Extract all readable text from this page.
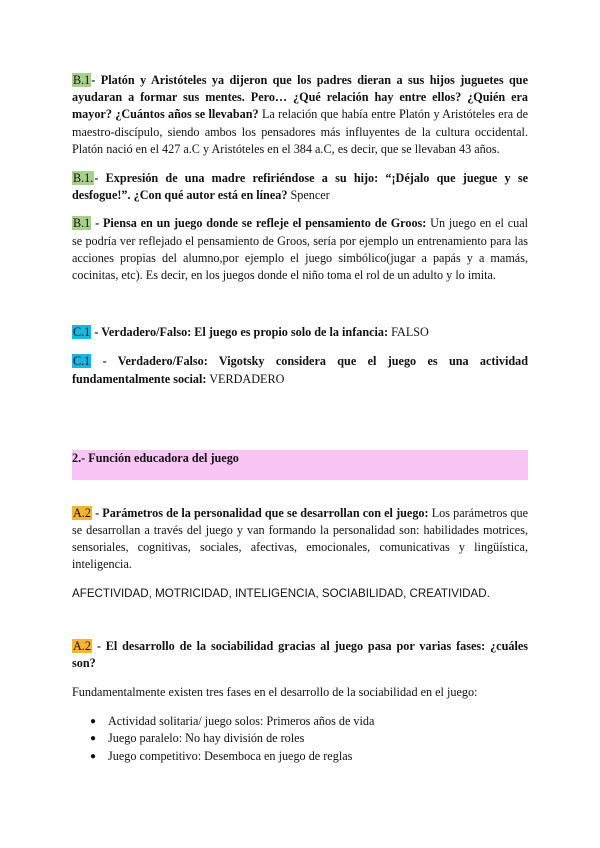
B.1- Platón y Aristóteles ya dijeron que los padres dieran a sus hijos juguetes que ayudaran a formar sus mentes. Pero… ¿Qué relación hay entre ellos? ¿Quién era mayor? ¿Cuántos años se llevaban? La relación que había entre Platón y Aristóteles era de maestro-discípulo, siendo ambos los pensadores más influyentes de la cultura occidental. Platón nació en el 427 a.C y Aristóteles en el 384 a.C, es decir, que se llevaban 43 años.

B.1.- Expresión de una madre refiriéndose a su hijo: “¡Déjalo que juegue y se desfogue!”. ¿Con qué autor está en línea? Spencer

B.1 - Piensa en un juego donde se refleje el pensamiento de Groos: Un juego en el cual se podría ver reflejado el pensamiento de Groos, sería por ejemplo un entrenamiento para las acciones propias del alumno,por ejemplo el juego simbólico(jugar a papás y a mamás, cocinitas, etc). Es decir, en los juegos donde el niño toma el rol de un adulto y lo imita.

C.1 - Verdadero/Falso: El juego es propio solo de la infancia: FALSO

C.1 - Verdadero/Falso: Vigotsky considera que el juego es una actividad fundamentalmente social: VERDADERO

2.- Función educadora del juego

A.2 - Parámetros de la personalidad que se desarrollan con el juego: Los parámetros que se desarrollan a través del juego y van formando la personalidad son: habilidades motrices, sensoriales, cognitivas, sociales, afectivas, emocionales, comunicativas y lingüística, inteligencia.

AFECTIVIDAD, MOTRICIDAD, INTELIGENCIA, SOCIABILIDAD, CREATIVIDAD.

A.2 - El desarrollo de la sociabilidad gracias al juego pasa por varias fases: ¿cuáles son?

Fundamentalmente existen tres fases en el desarrollo de la sociabilidad en el juego:

● Actividad solitaria/ juego solos: Primeros años de vida
● Juego paralelo: No hay división de roles
● Juego competitivo: Desemboca en juego de reglas
